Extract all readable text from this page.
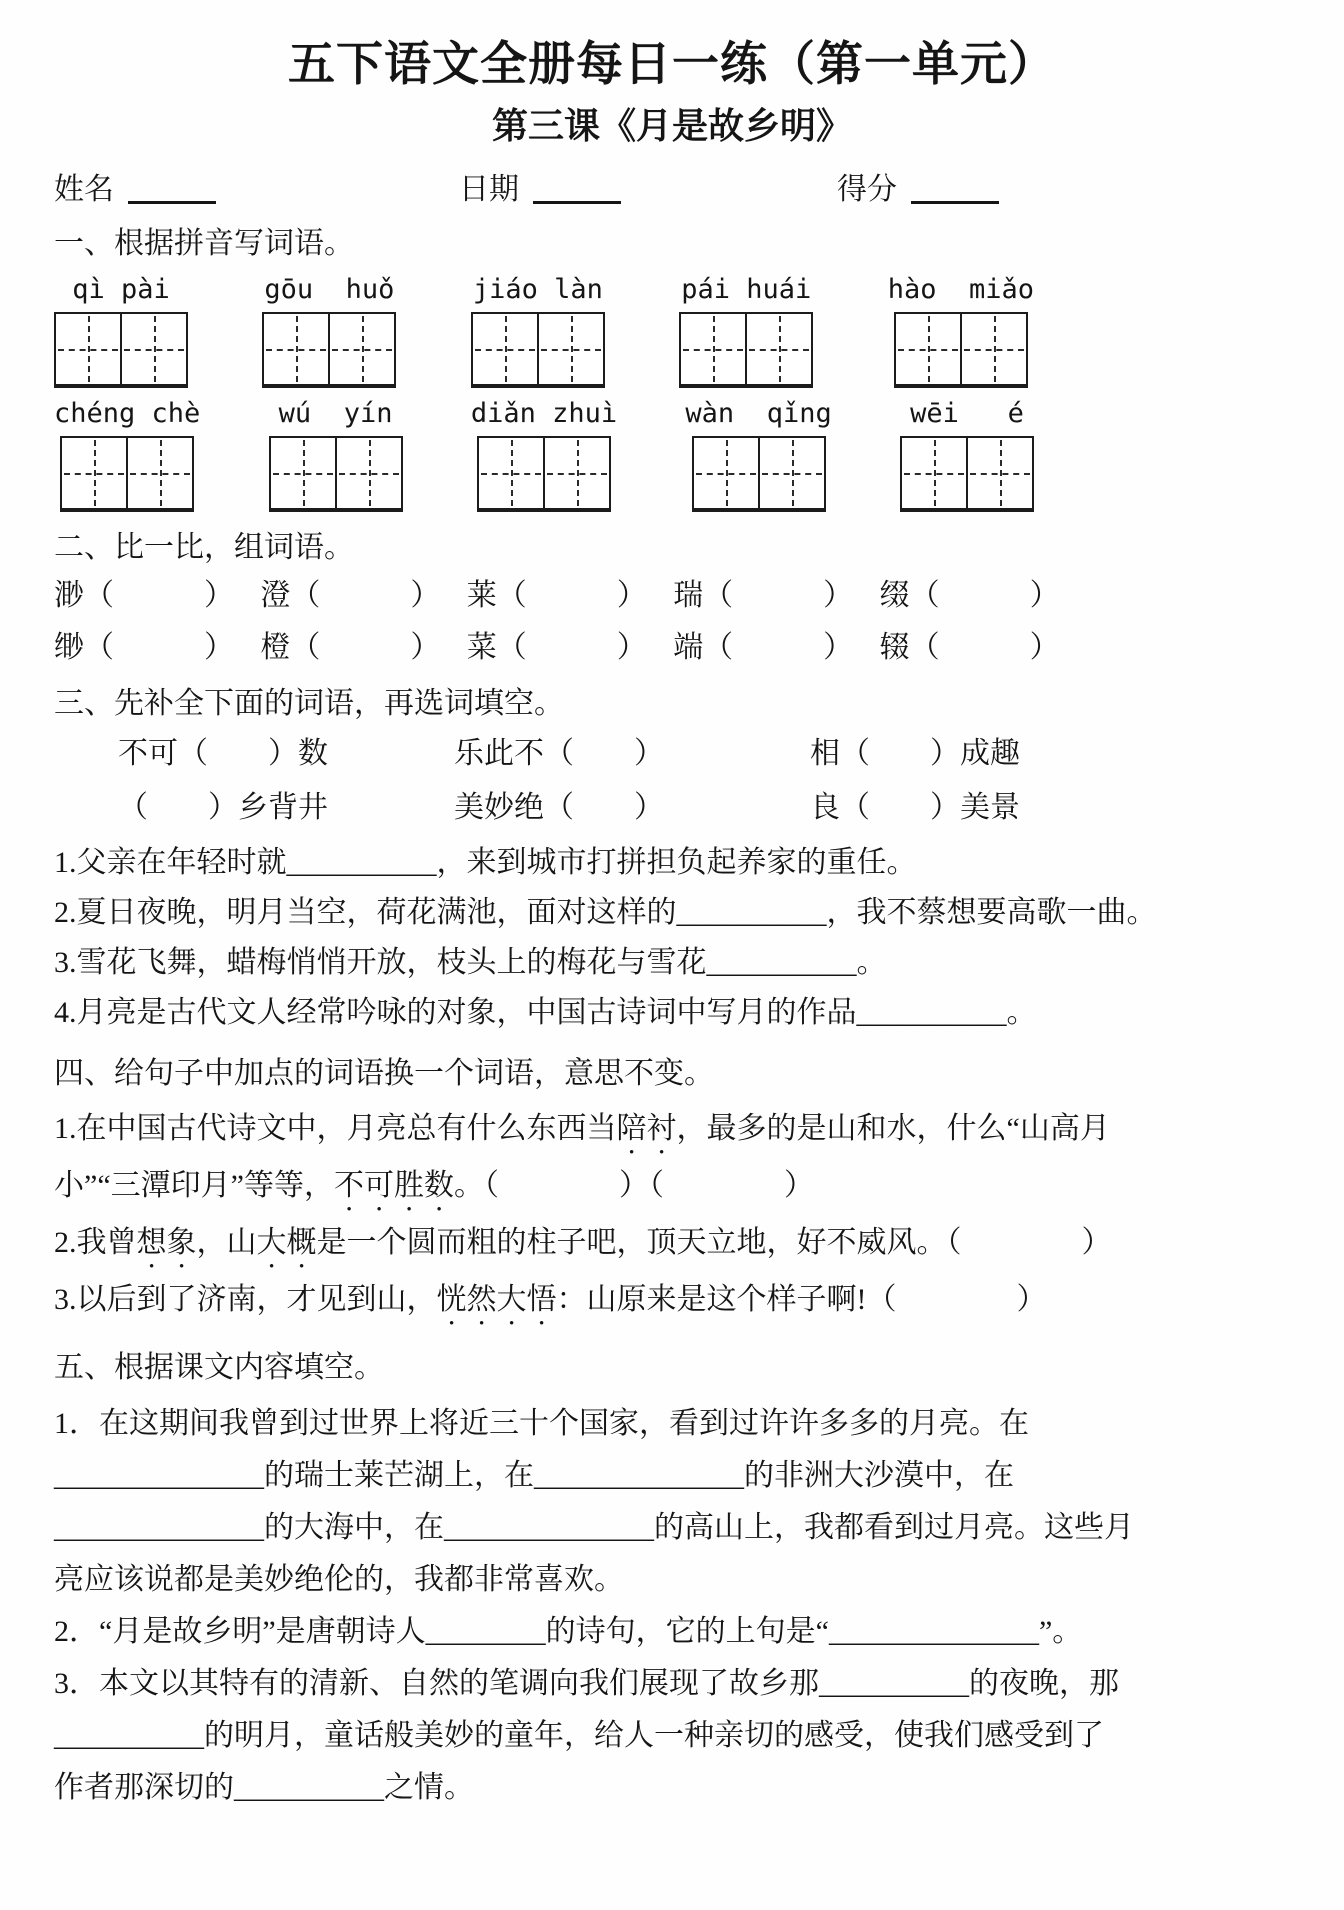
五下语文全册每日一练（第一单元）
第三课《月是故乡明》
姓名	日期	得分
一、根据拼音写词语。
qì pài	gōu  huǒ	jiáo làn	pái huái	hào  miǎo
chéng chè	wú  yín	diǎn zhuì	wàn  qǐng	wēi   é
二、比一比，组词语。
渺（　　　） 澄（　　　） 莱（　　　） 瑞（　　　） 缀（　　　）
缈（　　　） 橙（　　　） 菜（　　　） 端（　　　） 辍（　　　）
三、先补全下面的词语，再选词填空。
不可（　　）数	乐此不（　　）	相（　　）成趣
（　　）乡背井	美妙绝（　　）	良（　　）美景
1.父亲在年轻时就__________，来到城市打拼担负起养家的重任。
2.夏日夜晚，明月当空，荷花满池，面对这样的__________，我不蔡想要高歌一曲。
3.雪花飞舞，蜡梅悄悄开放，枝头上的梅花与雪花__________。
4.月亮是古代文人经常吟咏的对象，中国古诗词中写月的作品__________。
四、给句子中加点的词语换一个词语，意思不变。
1.在中国古代诗文中，月亮总有什么东西当陪衬，最多的是山和水，什么“山高月
小”“三潭印月”等等，不可胜数。（　　　　）（　　　　）
2.我曾想象，山大概是一个圆而粗的柱子吧，顶天立地，好不威风。（　　　　）
3.以后到了济南，才见到山，恍然大悟：山原来是这个样子啊!（　　　　）
五、根据课文内容填空。
1．在这期间我曾到过世界上将近三十个国家，看到过许许多多的月亮。在
______________的瑞士莱芒湖上，在______________的非洲大沙漠中，在
______________的大海中，在______________的高山上，我都看到过月亮。这些月
亮应该说都是美妙绝伦的，我都非常喜欢。
2．“月是故乡明”是唐朝诗人________的诗句，它的上句是“______________”。
3．本文以其特有的清新、自然的笔调向我们展现了故乡那__________的夜晚，那
__________的明月，童话般美妙的童年，给人一种亲切的感受，使我们感受到了
作者那深切的__________之情。
